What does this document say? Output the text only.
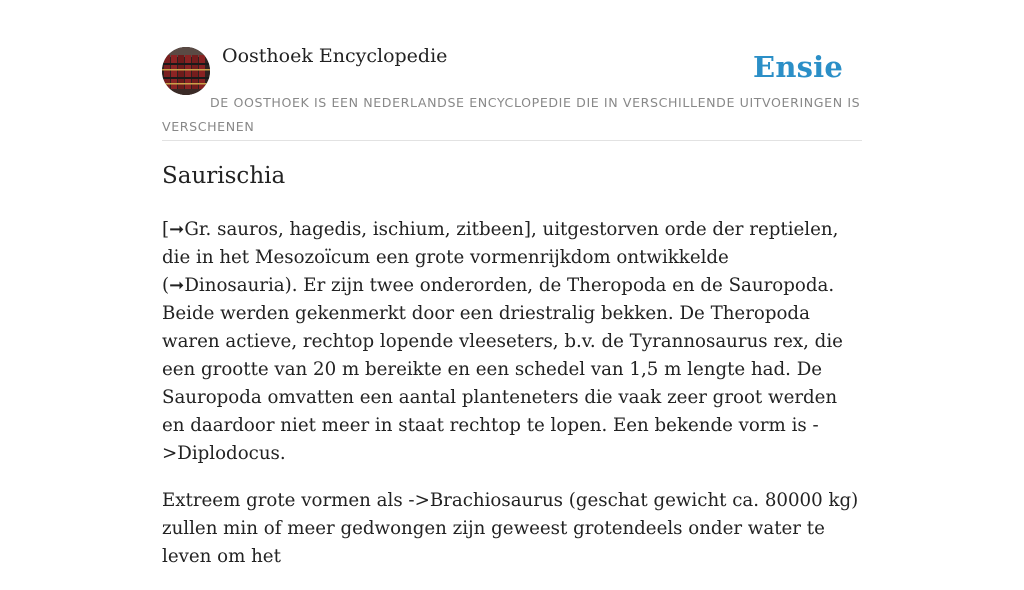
Oosthoek Encyclopedie	Ensie
DE OOSTHOEK IS EEN NEDERLANDSE ENCYCLOPEDIE DIE IN VERSCHILLENDE UITVOERINGEN IS VERSCHENEN
Saurischia

[➞Gr. sauros, hagedis, ischium, zitbeen], uitgestorven orde der reptielen, die in het Mesozoïcum een grote vormenrijkdom ontwikkelde (➞Dinosauria). Er zijn twee onderorden, de Theropoda en de Sauropoda. Beide werden gekenmerkt door een driestralig bekken. De Theropoda waren actieve, rechtop lopende vleeseters, b.v. de Tyrannosaurus rex, die een grootte van 20 m bereikte en een schedel van 1,5 m lengte had. De Sauropoda omvatten een aantal planteneters die vaak zeer groot werden en daardoor niet meer in staat rechtop te lopen. Een bekende vorm is ->Diplodocus.

Extreem grote vormen als ->Brachiosaurus (geschat gewicht ca. 80000 kg) zullen min of meer gedwongen zijn geweest grotendeels onder water te leven om het
